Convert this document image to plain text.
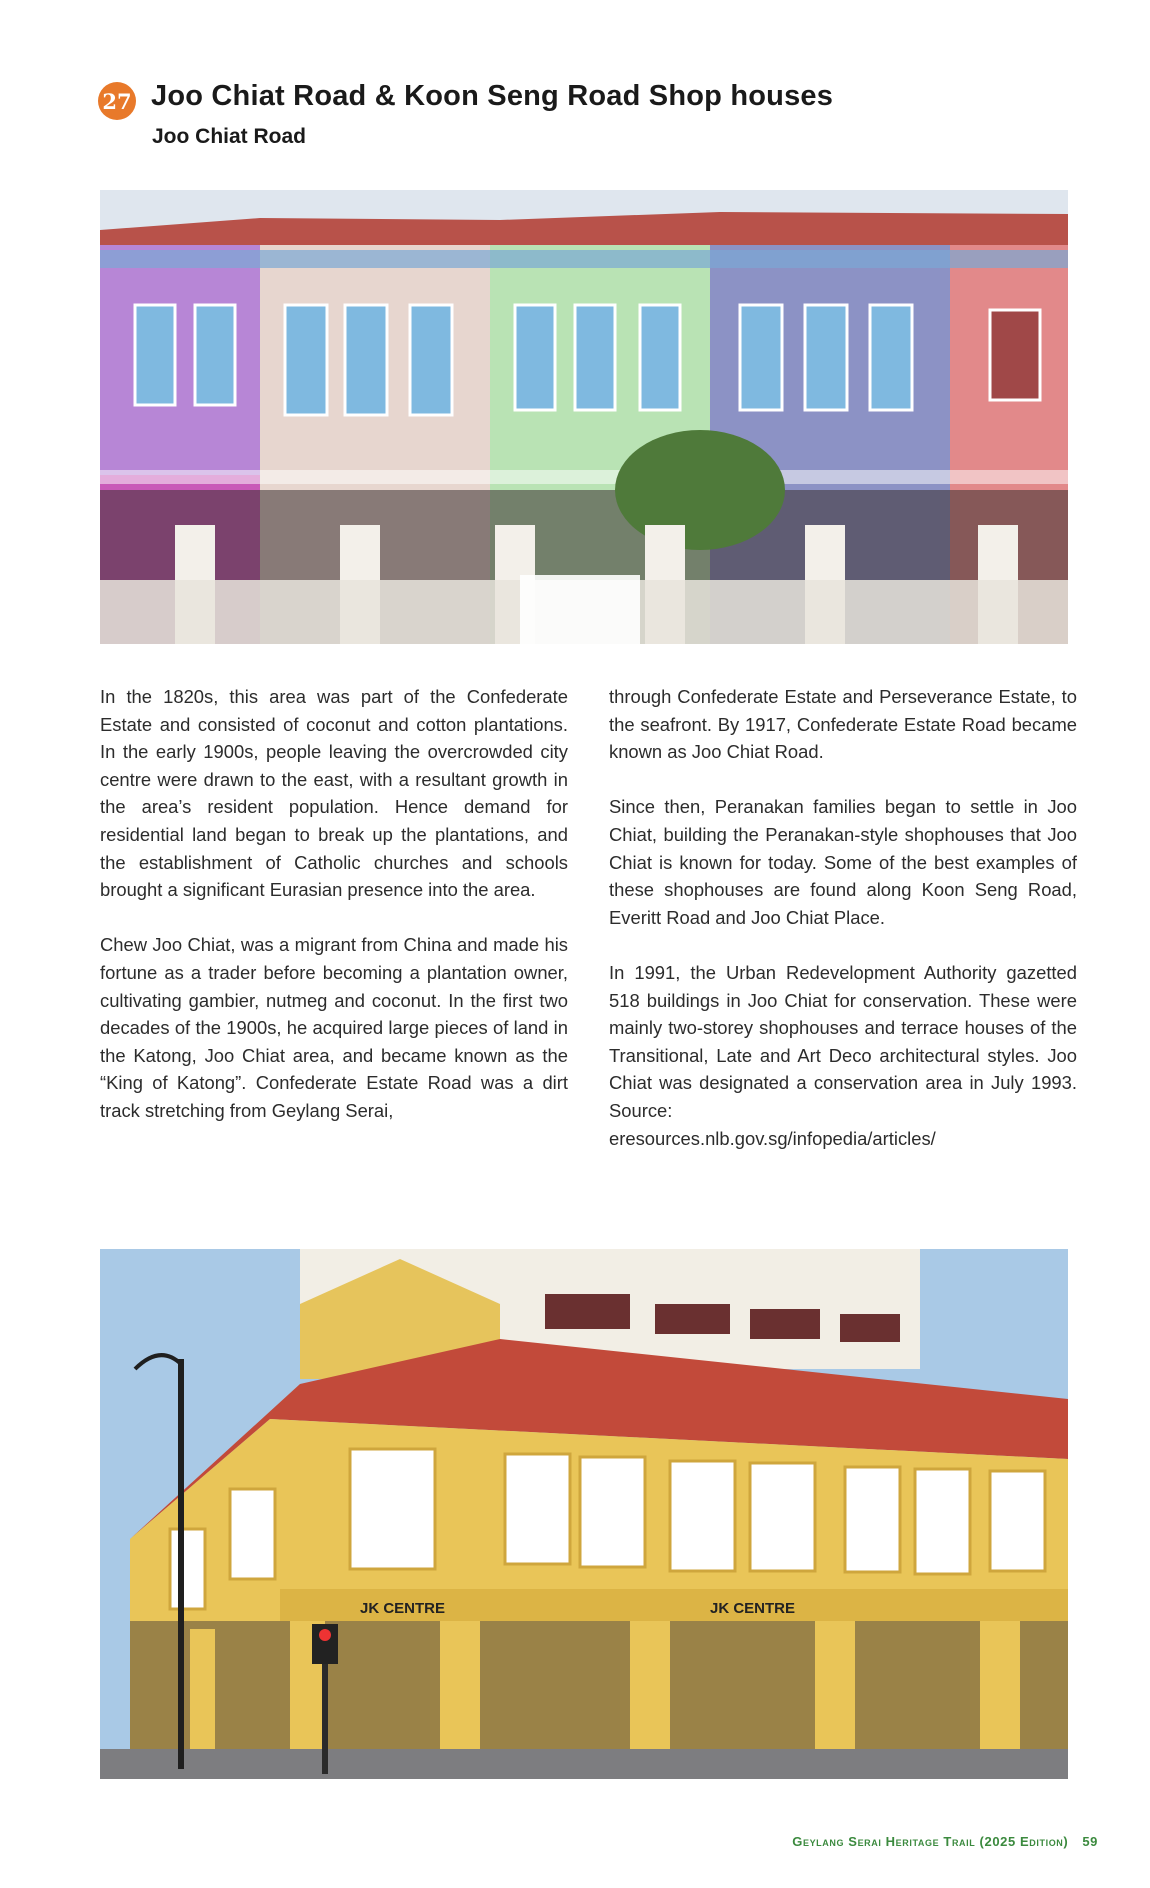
27 Joo Chiat Road & Koon Seng Road Shop houses
Joo Chiat Road

In the 1820s, this area was part of the Confederate Estate and consisted of coconut and cotton plantations. In the early 1900s, people leaving the overcrowded city centre were drawn to the east, with a resultant growth in the area’s resident population. Hence demand for residential land began to break up the plantations, and the establishment of Catholic churches and schools brought a significant Eurasian presence into the area.

Chew Joo Chiat, was a migrant from China and made his fortune as a trader before becoming a plantation owner, cultivating gambier, nutmeg and coconut. In the first two decades of the 1900s, he acquired large pieces of land in the Katong, Joo Chiat area, and became known as the “King of Katong”. Confederate Estate Road was a dirt track stretching from Geylang Serai,

through Confederate Estate and Perseverance Estate, to the seafront. By 1917, Confederate Estate Road became known as Joo Chiat Road.

Since then, Peranakan families began to settle in Joo Chiat, building the Peranakan-style shophouses that Joo Chiat is known for today. Some of the best examples of these shophouses are found along Koon Seng Road, Everitt Road and Joo Chiat Place.

In 1991, the Urban Redevelopment Authority gazetted 518 buildings in Joo Chiat for conservation. These were mainly two-storey shophouses and terrace houses of the Transitional, Late and Art Deco architectural styles. Joo Chiat was designated a conservation area in July 1993. Source:

eresources.nlb.gov.sg/infopedia/articles/

JK CENTRE	JK CENTRE
Geylang Serai Heritage Trail (2025 Edition) 59
